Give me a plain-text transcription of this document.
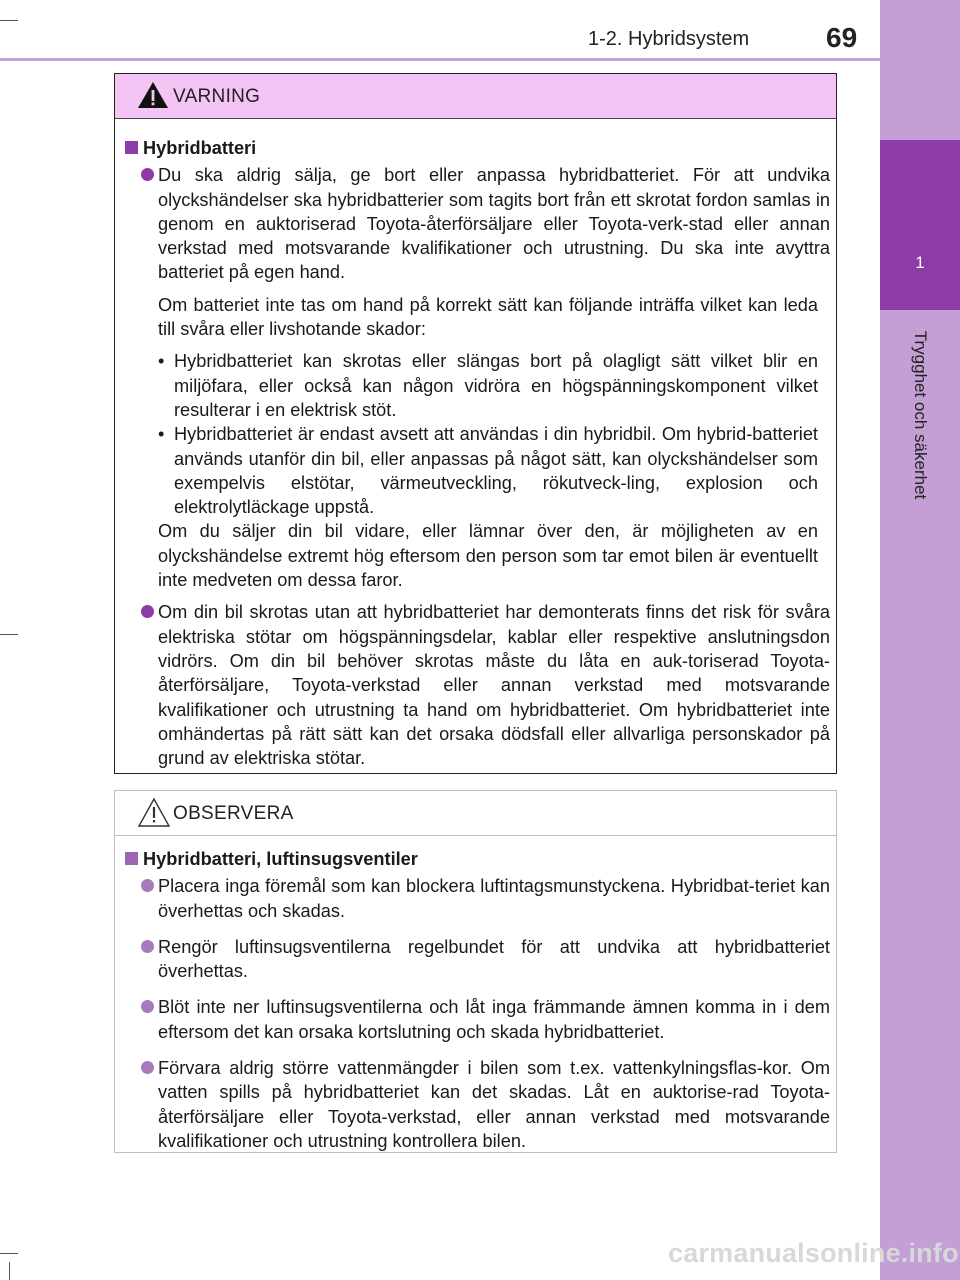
1-2. Hybridsystem	69
1
Trygghet och säkerhet
VARNING
Hybridbatteri
Du ska aldrig sälja, ge bort eller anpassa hybridbatteriet. För att undvika olyckshändelser ska hybridbatterier som tagits bort från ett skrotat fordon samlas in genom en auktoriserad Toyota-återförsäljare eller Toyota-verk-stad eller annan verkstad med motsvarande kvalifikationer och utrustning. Du ska inte avyttra batteriet på egen hand.
Om batteriet inte tas om hand på korrekt sätt kan följande inträffa vilket kan leda till svåra eller livshotande skador:
• Hybridbatteriet kan skrotas eller slängas bort på olagligt sätt vilket blir en miljöfara, eller också kan någon vidröra en högspänningskomponent vilket resulterar i en elektrisk stöt.
• Hybridbatteriet är endast avsett att användas i din hybridbil. Om hybrid-batteriet används utanför din bil, eller anpassas på något sätt, kan olyckshändelser som exempelvis elstötar, värmeutveckling, rökutveck-ling, explosion och elektrolytläckage uppstå.
Om du säljer din bil vidare, eller lämnar över den, är möjligheten av en olyckshändelse extremt hög eftersom den person som tar emot bilen är eventuellt inte medveten om dessa faror.
Om din bil skrotas utan att hybridbatteriet har demonterats finns det risk för svåra elektriska stötar om högspänningsdelar, kablar eller respektive anslutningsdon vidrörs. Om din bil behöver skrotas måste du låta en auk-toriserad Toyota-återförsäljare, Toyota-verkstad eller annan verkstad med motsvarande kvalifikationer och utrustning ta hand om hybridbatteriet. Om hybridbatteriet inte omhändertas på rätt sätt kan det orsaka dödsfall eller allvarliga personskador på grund av elektriska stötar.
OBSERVERA
Hybridbatteri, luftinsugsventiler
Placera inga föremål som kan blockera luftintagsmunstyckena. Hybridbat-teriet kan överhettas och skadas.
Rengör luftinsugsventilerna regelbundet för att undvika att hybridbatteriet överhettas.
Blöt inte ner luftinsugsventilerna och låt inga främmande ämnen komma in i dem eftersom det kan orsaka kortslutning och skada hybridbatteriet.
Förvara aldrig större vattenmängder i bilen som t.ex. vattenkylningsflas-kor. Om vatten spills på hybridbatteriet kan det skadas. Låt en auktorise-rad Toyota-återförsäljare eller Toyota-verkstad, eller annan verkstad med motsvarande kvalifikationer och utrustning kontrollera bilen.
carmanualsonline.info
